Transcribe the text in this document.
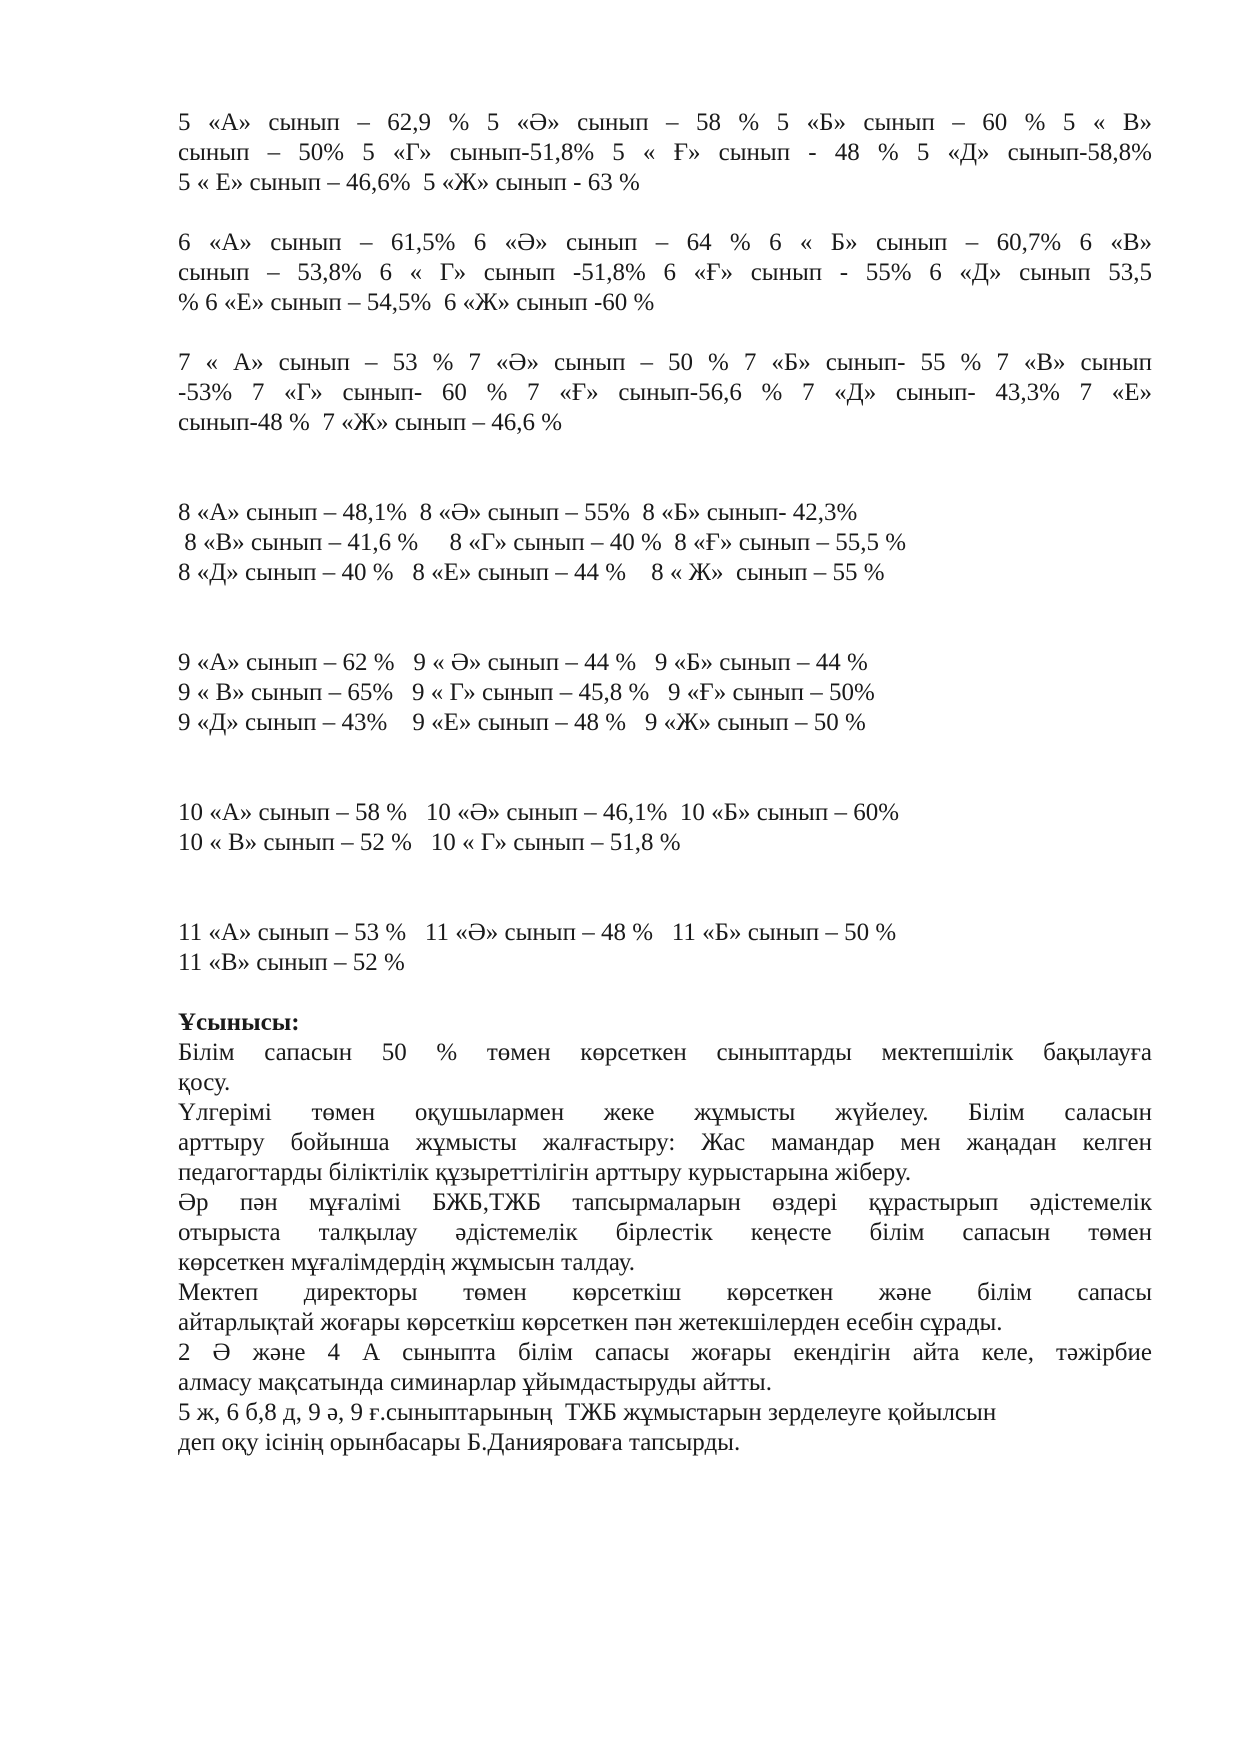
5 «А» сынып – 62,9 % 5 «Ә» сынып – 58 % 5 «Б» сынып – 60 % 5 « В»
сынып – 50% 5 «Г» сынып-51,8% 5 « Ғ» сынып - 48 % 5 «Д» сынып-58,8%
5 « Е» сынып – 46,6%  5 «Ж» сынып - 63 %
6 «А» сынып – 61,5% 6 «Ә» сынып – 64 % 6 « Б» сынып – 60,7% 6 «В»
сынып – 53,8% 6 « Г» сынып -51,8% 6 «Ғ» сынып - 55% 6 «Д» сынып 53,5
% 6 «Е» сынып – 54,5%  6 «Ж» сынып -60 %
7 « А» сынып – 53 % 7 «Ә» сынып – 50 % 7 «Б» сынып- 55 % 7 «В» сынып
-53% 7 «Г» сынып- 60 % 7 «Ғ» сынып-56,6 % 7 «Д» сынып- 43,3% 7 «Е»
сынып-48 %  7 «Ж» сынып – 46,6 %
8 «А» сынып – 48,1%  8 «Ә» сынып – 55%  8 «Б» сынып- 42,3%
8 «В» сынып – 41,6 %     8 «Г» сынып – 40 %  8 «Ғ» сынып – 55,5 %
8 «Д» сынып – 40 %   8 «Е» сынып – 44 %    8 « Ж»  сынып – 55 %
9 «А» сынып – 62 %   9 « Ә» сынып – 44 %   9 «Б» сынып – 44 %
9 « В» сынып – 65%   9 « Г» сынып – 45,8 %   9 «Ғ» сынып – 50%
9 «Д» сынып – 43%    9 «Е» сынып – 48 %   9 «Ж» сынып – 50 %
10 «А» сынып – 58 %   10 «Ә» сынып – 46,1%  10 «Б» сынып – 60%
10 « В» сынып – 52 %   10 « Г» сынып – 51,8 %
11 «А» сынып – 53 %   11 «Ә» сынып – 48 %   11 «Б» сынып – 50 %
11 «В» сынып – 52 %
Ұсынысы:
Білім сапасын 50 % төмен көрсеткен сыныптарды мектепшілік бақылауға
қосу.
Үлгерімі төмен оқушылармен жеке жұмысты жүйелеу. Білім саласын
арттыру бойынша жұмысты жалғастыру: Жас мамандар мен жаңадан келген
педагогтарды біліктілік құзыреттілігін арттыру курыстарына жіберу.
Әр пән мұғалімі БЖБ,ТЖБ тапсырмаларын өздері құрастырып әдістемелік
отырыста талқылау әдістемелік бірлестік кеңесте білім сапасын төмен
көрсеткен мұғалімдердің жұмысын талдау.
Мектеп директоры төмен көрсеткіш көрсеткен және білім сапасы
айтарлықтай жоғары көрсеткіш көрсеткен пән жетекшілерден есебін сұрады.
2 Ә және 4 А сыныпта білім сапасы жоғары екендігін айта келе, тәжірбие
алмасу мақсатында симинарлар ұйымдастыруды айтты.
5 ж, 6 б,8 д, 9 ә, 9 ғ.сыныптарының  ТЖБ жұмыстарын зерделеуге қойылсын
деп оқу ісінің орынбасары Б.Данияроваға тапсырды.
